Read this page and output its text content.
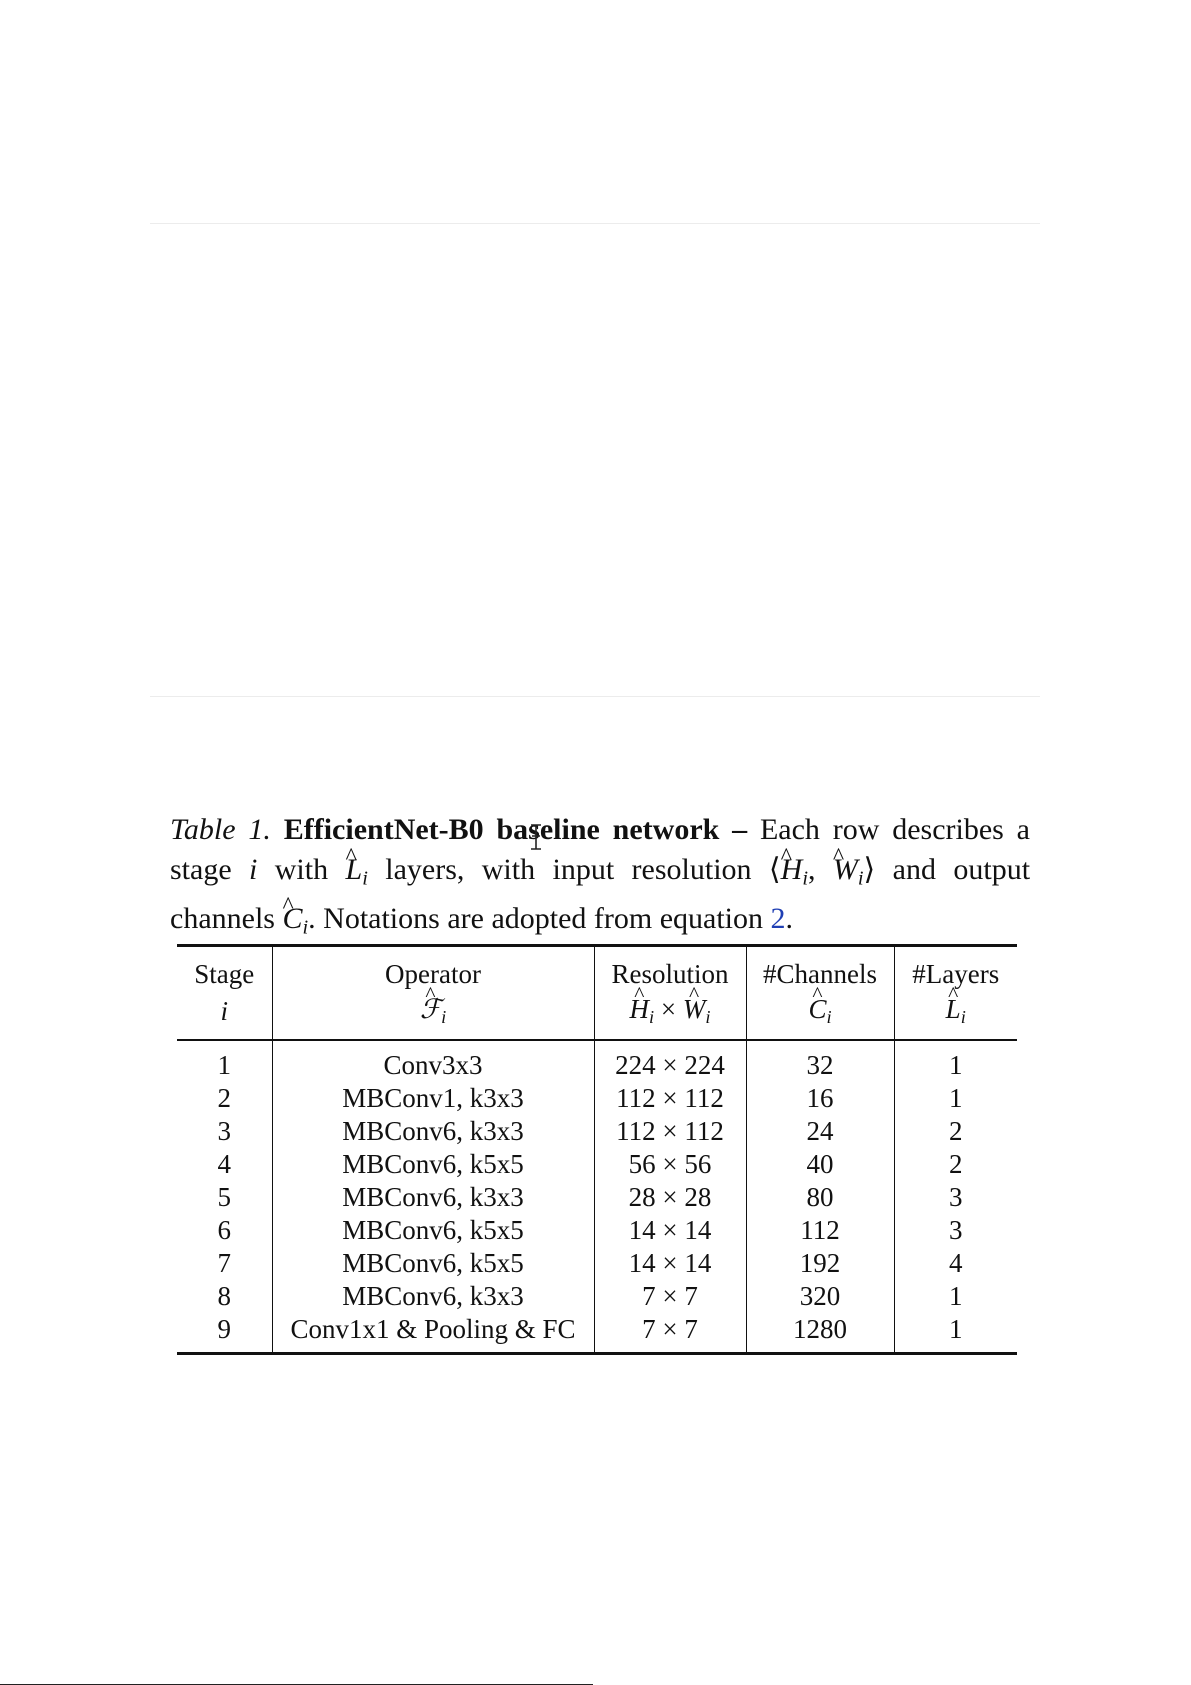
Table 1. EfficientNet-B0 baseline network – Each row describes a stage i with ^ $L_i$ layers, with input resolution ⟨^ $H_i$, ^ $W_i⟩$ and output channels ^ $C_i$. Notations are adopted from equation 2.
Stage	Operator	Resolution	#Channels	#Layers
i	^ ℱ$_i$	^ $H_i$ × ^ $W_i$	^ $C_i$	^ $L_i$
1	Conv3x3	224 × 224	32	1
2	MBConv1, k3x3	112 × 112	16	1
3	MBConv6, k3x3	112 × 112	24	2
4	MBConv6, k5x5	56 × 56	40	2
5	MBConv6, k3x3	28 × 28	80	3
6	MBConv6, k5x5	14 × 14	112	3
7	MBConv6, k5x5	14 × 14	192	4
8	MBConv6, k3x3	7 × 7	320	1
9	Conv1x1 & Pooling & FC	7 × 7	1280	1
